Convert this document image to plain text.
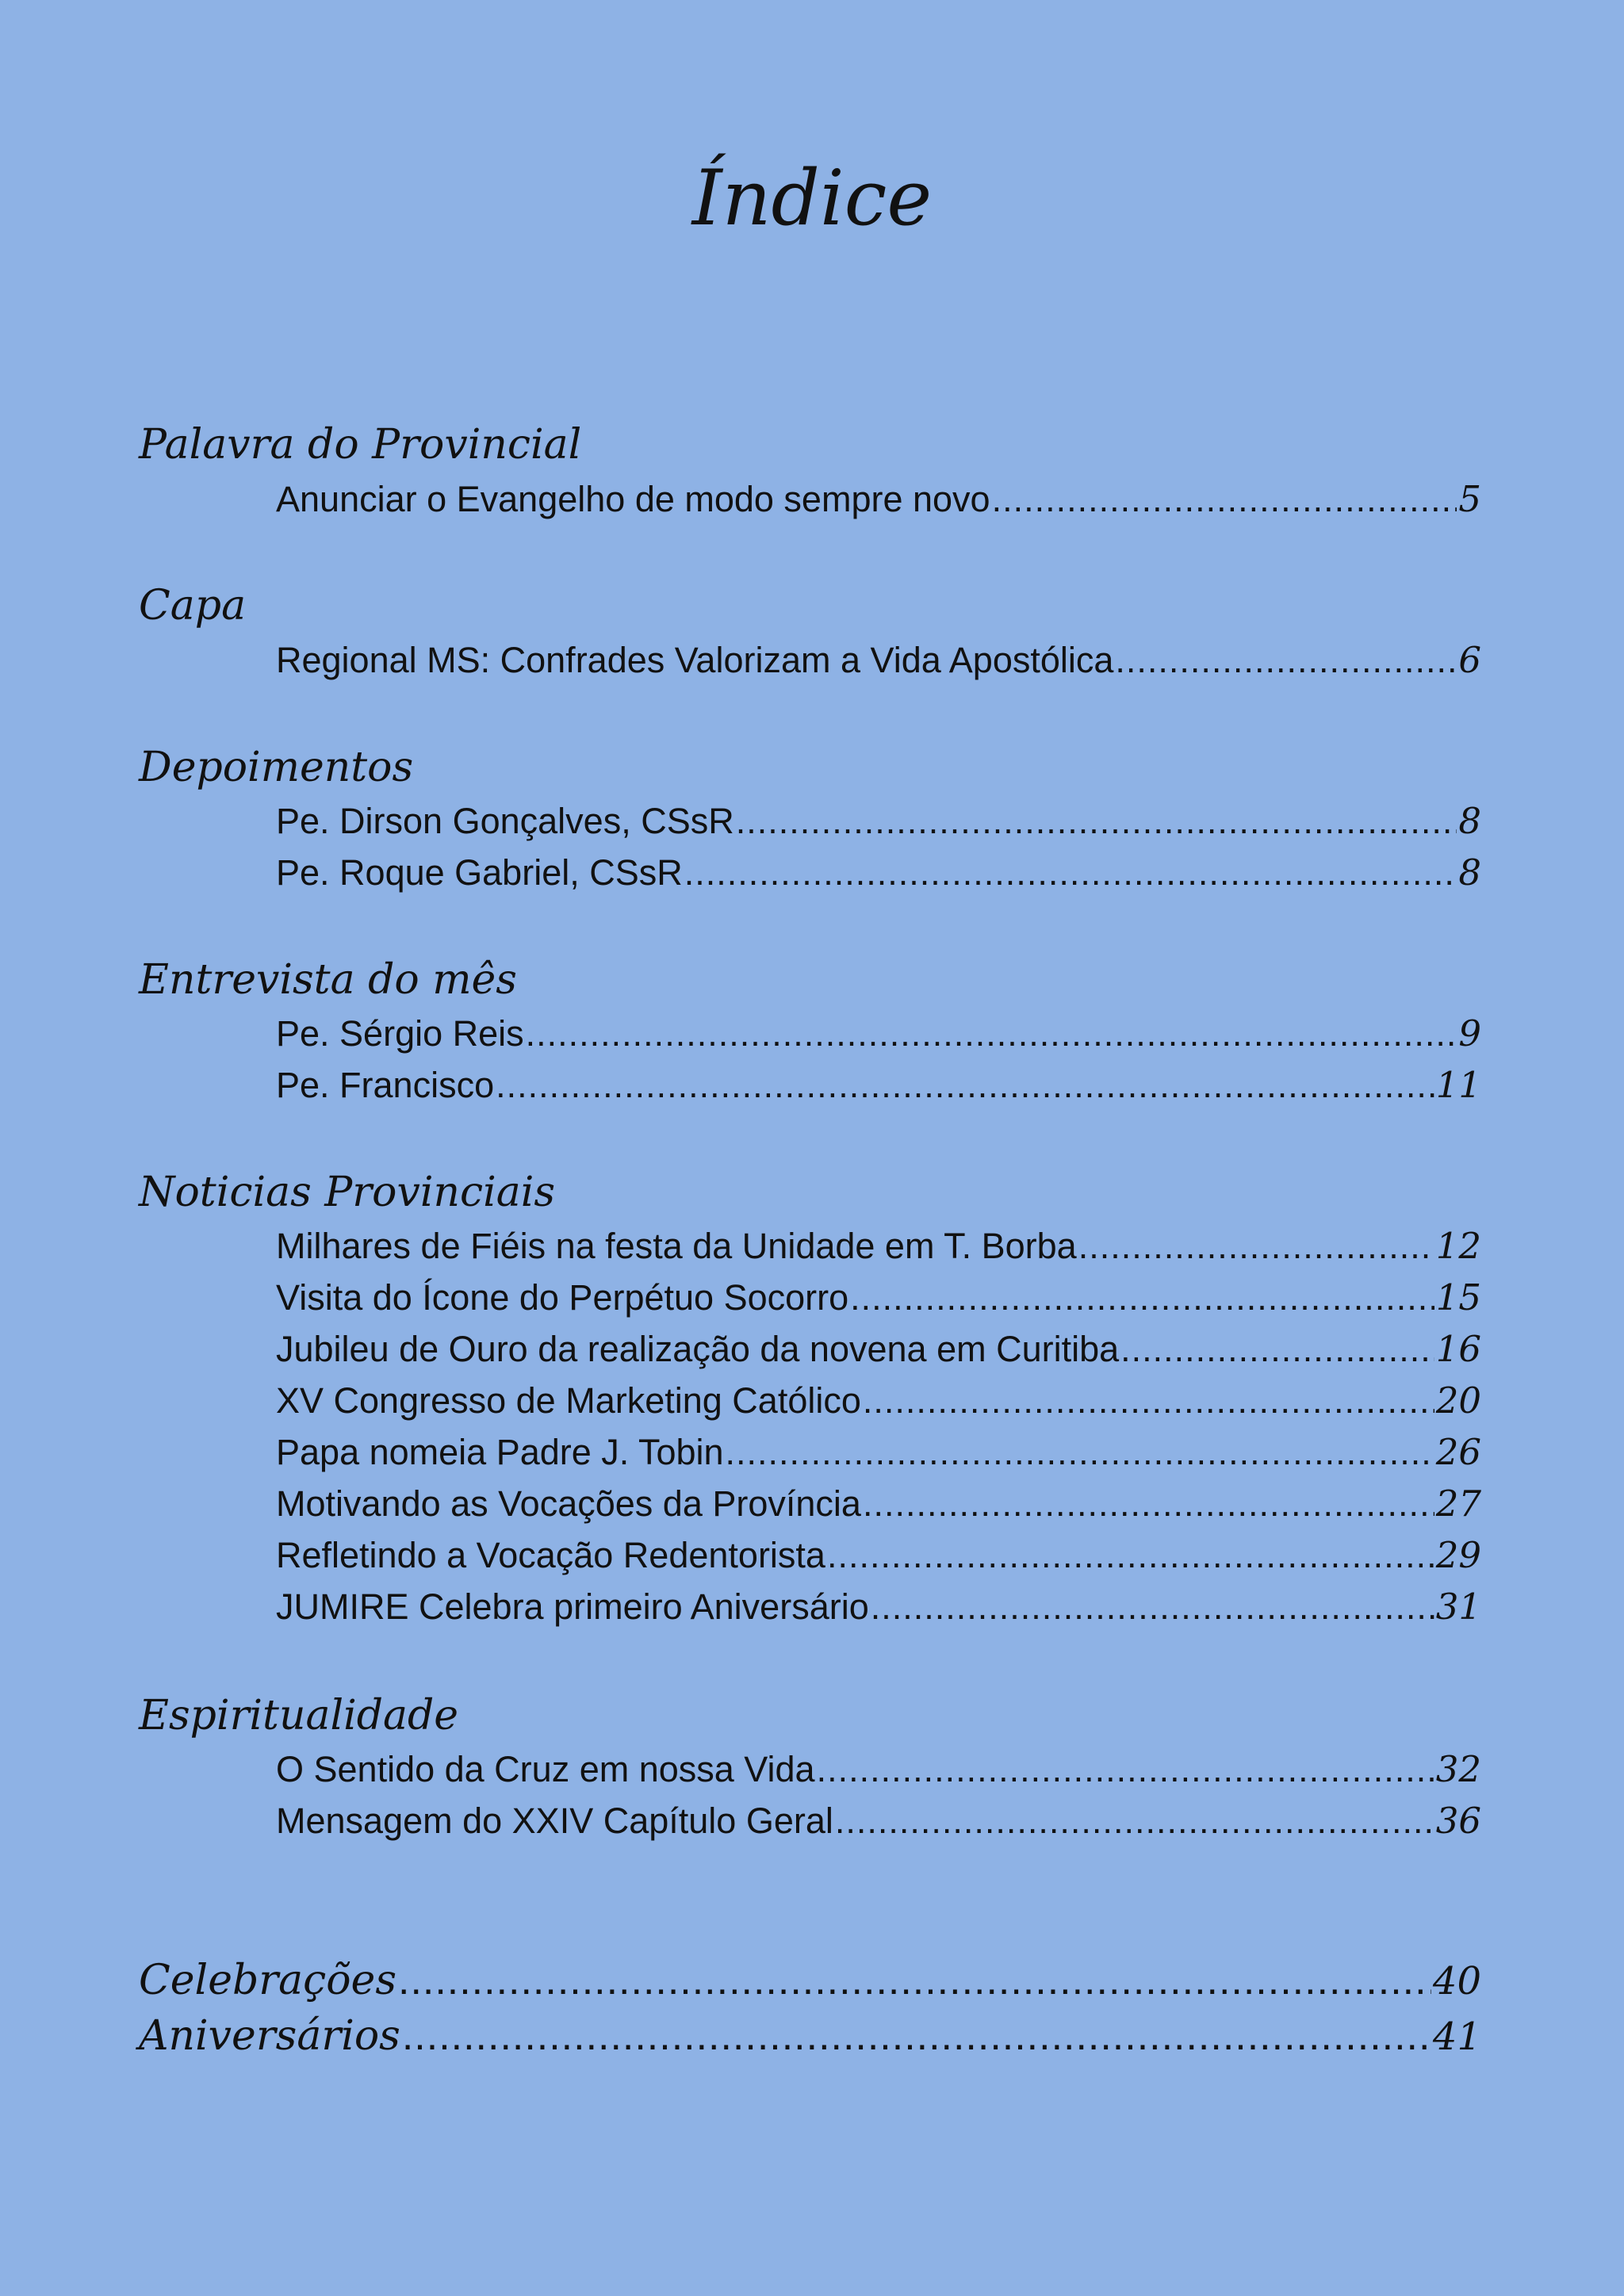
Índice
Palavra do Provincial
Anunciar o Evangelho de modo sempre novo .....	5
Capa
Regional MS: Confrades Valorizam a Vida Apostólica .....	6
Depoimentos
Pe. Dirson Gonçalves, CSsR .....	8
Pe. Roque Gabriel, CSsR .....	8
Entrevista do mês
Pe. Sérgio Reis .....	9
Pe. Francisco .....	11
Noticias Provinciais
Milhares de Fiéis na festa da Unidade em T. Borba .....	12
Visita do Ícone do Perpétuo Socorro .....	15
Jubileu de Ouro da realização da novena em Curitiba .....	16
XV Congresso de Marketing Católico .....	20
Papa nomeia Padre J. Tobin .....	26
Motivando as Vocações da Província .....	27
Refletindo a Vocação Redentorista .....	29
JUMIRE Celebra primeiro Aniversário .....	31
Espiritualidade
O Sentido da Cruz em nossa Vida .....	32
Mensagem do XXIV Capítulo Geral .....	36
Celebrações .....	40
Aniversários .....	41
